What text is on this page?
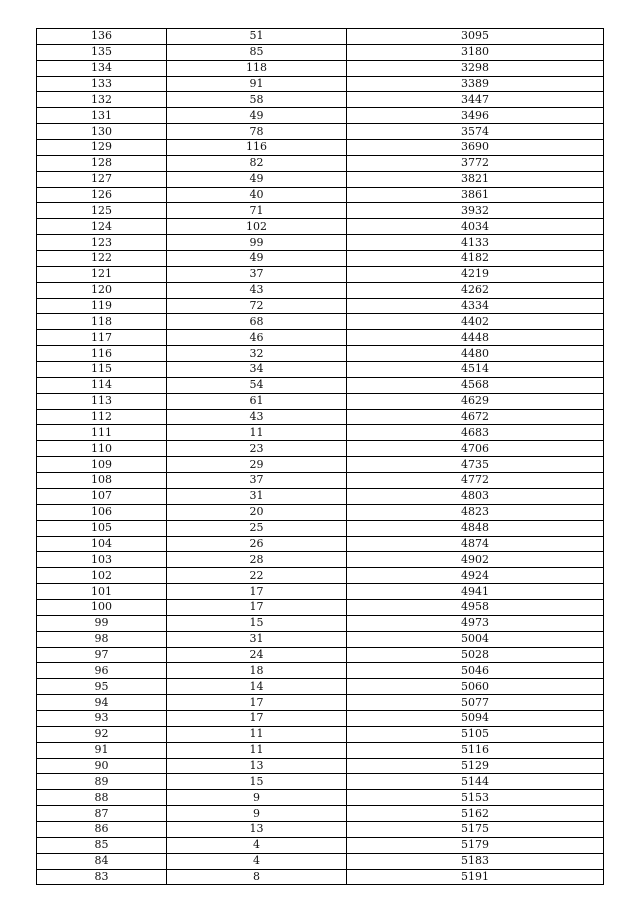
136	51	3095
135	85	3180
134	118	3298
133	91	3389
132	58	3447
131	49	3496
130	78	3574
129	116	3690
128	82	3772
127	49	3821
126	40	3861
125	71	3932
124	102	4034
123	99	4133
122	49	4182
121	37	4219
120	43	4262
119	72	4334
118	68	4402
117	46	4448
116	32	4480
115	34	4514
114	54	4568
113	61	4629
112	43	4672
111	11	4683
110	23	4706
109	29	4735
108	37	4772
107	31	4803
106	20	4823
105	25	4848
104	26	4874
103	28	4902
102	22	4924
101	17	4941
100	17	4958
99	15	4973
98	31	5004
97	24	5028
96	18	5046
95	14	5060
94	17	5077
93	17	5094
92	11	5105
91	11	5116
90	13	5129
89	15	5144
88	9	5153
87	9	5162
86	13	5175
85	4	5179
84	4	5183
83	8	5191
